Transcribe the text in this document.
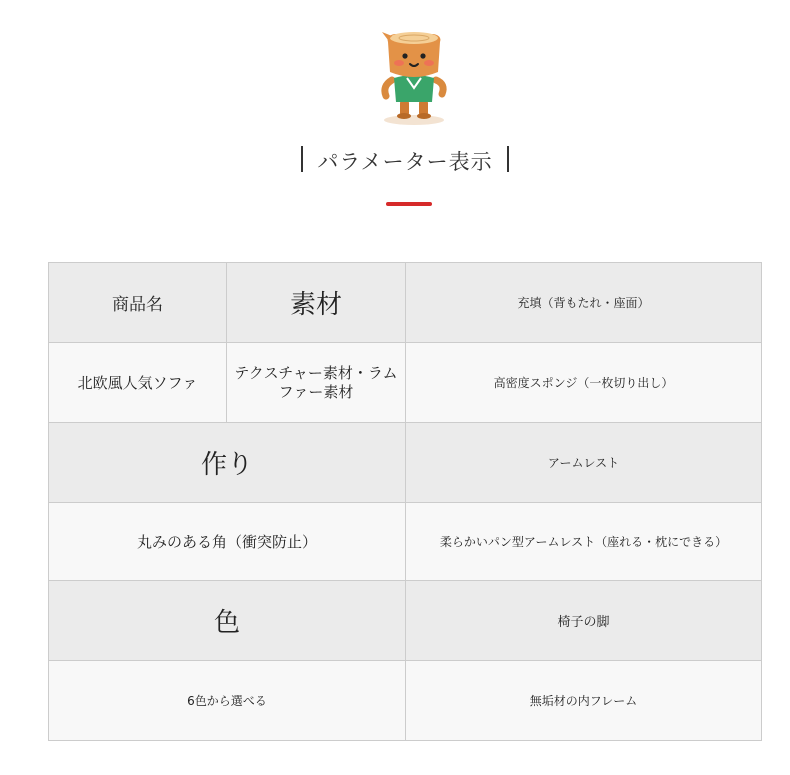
パラメーター表示
商品名	素材	充填（背もたれ・座面）
北欧風人気ソファ	テクスチャー素材・ラムファー素材	高密度スポンジ（一枚切り出し）
作り		アームレスト
丸みのある角（衝突防止）		柔らかいパン型アームレスト（座れる・枕にできる）
色		椅子の脚
6色から選べる		無垢材の内フレーム
